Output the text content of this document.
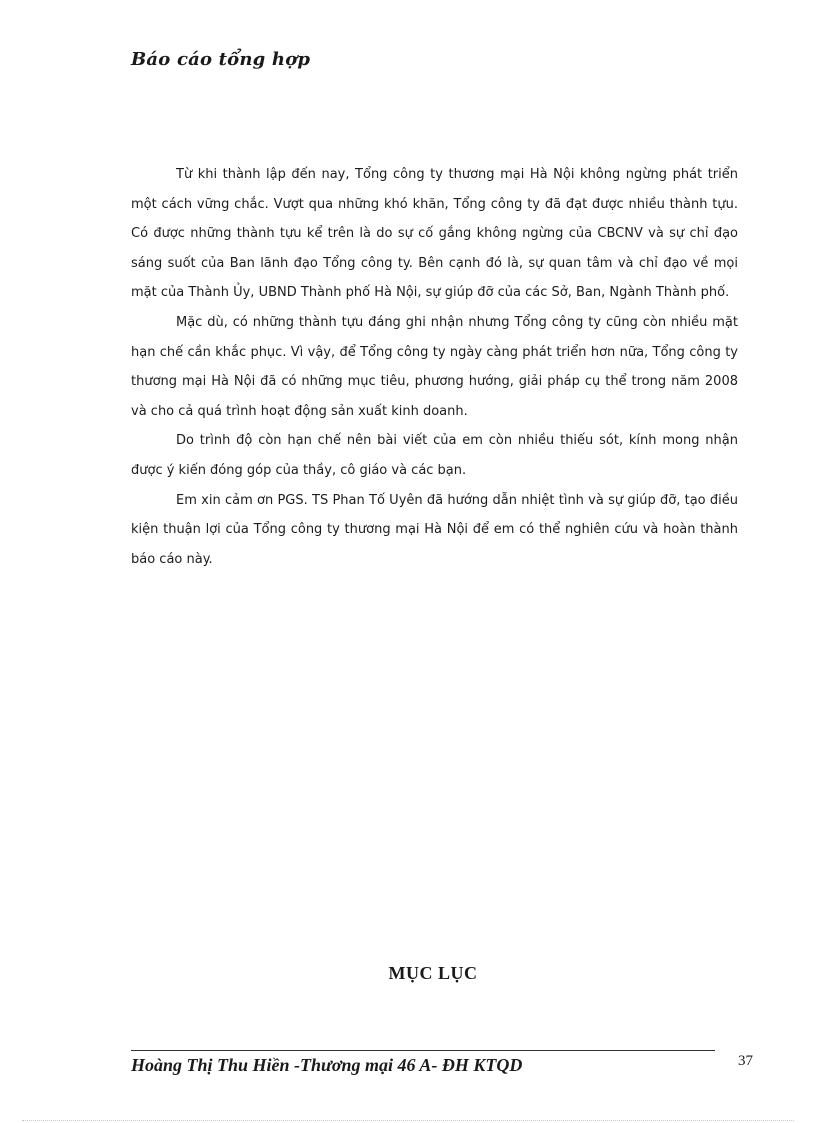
Báo cáo tổng hợp

Từ khi thành lập đến nay, Tổng công ty thương mại Hà Nội không ngừng phát triển một cách vững chắc. Vượt qua những khó khăn, Tổng công ty đã đạt được nhiều thành tựu. Có được những thành tựu kể trên là do sự cố gắng không ngừng của CBCNV và sự chỉ đạo sáng suốt của Ban lãnh đạo Tổng công ty. Bên cạnh đó là, sự quan tâm và chỉ đạo về mọi mặt của Thành Ủy, UBND Thành phố Hà Nội, sự giúp đỡ của các Sở, Ban, Ngành Thành phố.

Mặc dù, có những thành tựu đáng ghi nhận nhưng Tổng công ty cũng còn nhiều mặt hạn chế cần khắc phục. Vì vậy, để Tổng công ty ngày càng phát triển hơn nữa, Tổng công ty thương mại Hà Nội đã có những mục tiêu, phương hướng, giải pháp cụ thể trong năm 2008 và cho cả quá trình hoạt động sản xuất kinh doanh.

Do trình độ còn hạn chế nên bài viết của em còn nhiều thiếu sót, kính mong nhận được ý kiến đóng góp của thầy, cô giáo và các bạn.

Em xin cảm ơn PGS. TS Phan Tố Uyên đã hướng dẫn nhiệt tình và sự giúp đỡ, tạo điều kiện thuận lợi của Tổng công ty thương mại Hà Nội để em có thể nghiên cứu và hoàn thành báo cáo này.

MỤC LỤC
Hoàng Thị Thu Hiền -Thương mại 46 A- ĐH KTQD	37
